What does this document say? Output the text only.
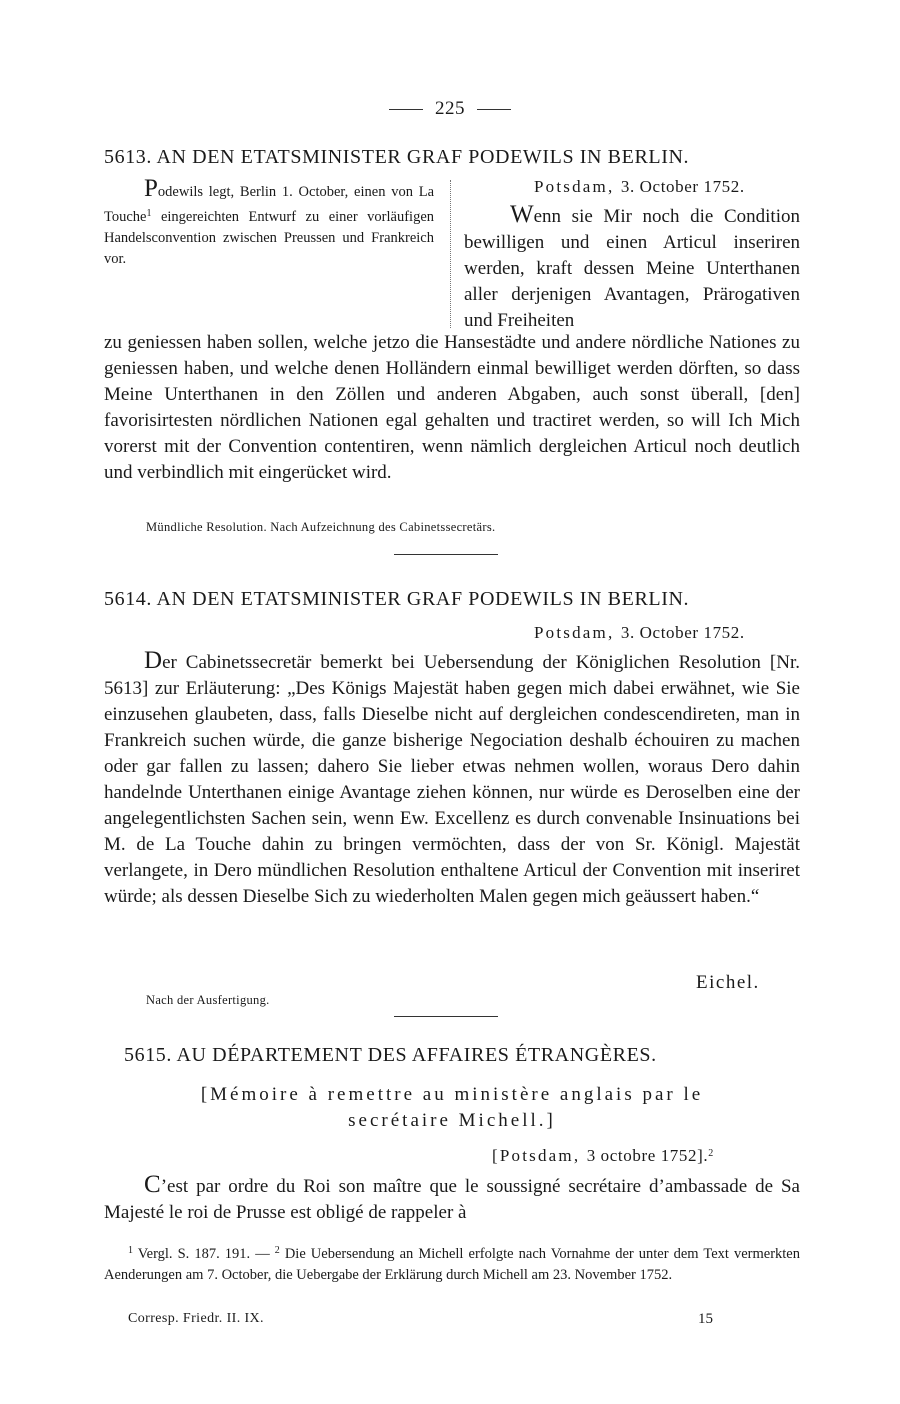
225
5613. AN DEN ETATSMINISTER GRAF PODEWILS IN BERLIN.

Podewils legt, Berlin 1. October, einen von La Touche$^1$ eingereichten Entwurf zu einer vorläufigen Handelsconvention zwischen Preussen und Frankreich vor.

Potsdam, 3. October 1752.

Wenn sie Mir noch die Condition bewilligen und einen Articul inseriren werden, kraft dessen Meine Unterthanen aller derjenigen Avantagen, Prärogativen und Freiheiten

zu geniessen haben sollen, welche jetzo die Hansestädte und andere nördliche Nationes zu geniessen haben, und welche denen Holländern einmal bewilliget werden dörften, so dass Meine Unterthanen in den Zöllen und anderen Abgaben, auch sonst überall, [den] favorisirtesten nördlichen Nationen egal gehalten und tractiret werden, so will Ich Mich vorerst mit der Convention contentiren, wenn nämlich dergleichen Articul noch deutlich und verbindlich mit eingerücket wird.

Mündliche Resolution. Nach Aufzeichnung des Cabinetssecretärs.
5614. AN DEN ETATSMINISTER GRAF PODEWILS IN BERLIN.
Potsdam, 3. October 1752.

Der Cabinetssecretär bemerkt bei Uebersendung der Königlichen Resolution [Nr. 5613] zur Erläuterung: „Des Königs Majestät haben gegen mich dabei erwähnet, wie Sie einzusehen glaubeten, dass, falls Dieselbe nicht auf dergleichen condescendireten, man in Frankreich suchen würde, die ganze bisherige Negociation deshalb échouiren zu machen oder gar fallen zu lassen; dahero Sie lieber etwas nehmen wollen, woraus Dero dahin handelnde Unterthanen einige Avantage ziehen können, nur würde es Deroselben eine der angelegentlichsten Sachen sein, wenn Ew. Excellenz es durch convenable Insinuations bei M. de La Touche dahin zu bringen vermöchten, dass der von Sr. Königl. Majestät verlangete, in Dero mündlichen Resolution enthaltene Articul der Convention mit inseriret würde; als dessen Dieselbe Sich zu wiederholten Malen gegen mich geäussert haben.“

Eichel.
Nach der Ausfertigung.
5615. AU DÉPARTEMENT DES AFFAIRES ÉTRANGÈRES.
[Mémoire à remettre au ministère anglais par le
secrétaire Michell.]
[Potsdam, 3 octobre 1752].$^2$

C’est par ordre du Roi son maître que le soussigné secrétaire d’ambassade de Sa Majesté le roi de Prusse est obligé de rappeler à

$^1$ Vergl. S. 187. 191. — $^2$ Die Uebersendung an Michell erfolgte nach Vornahme der unter dem Text vermerkten Aenderungen am 7. October, die Uebergabe der Erklärung durch Michell am 23. November 1752.

Corresp. Friedr. II. IX.	15
